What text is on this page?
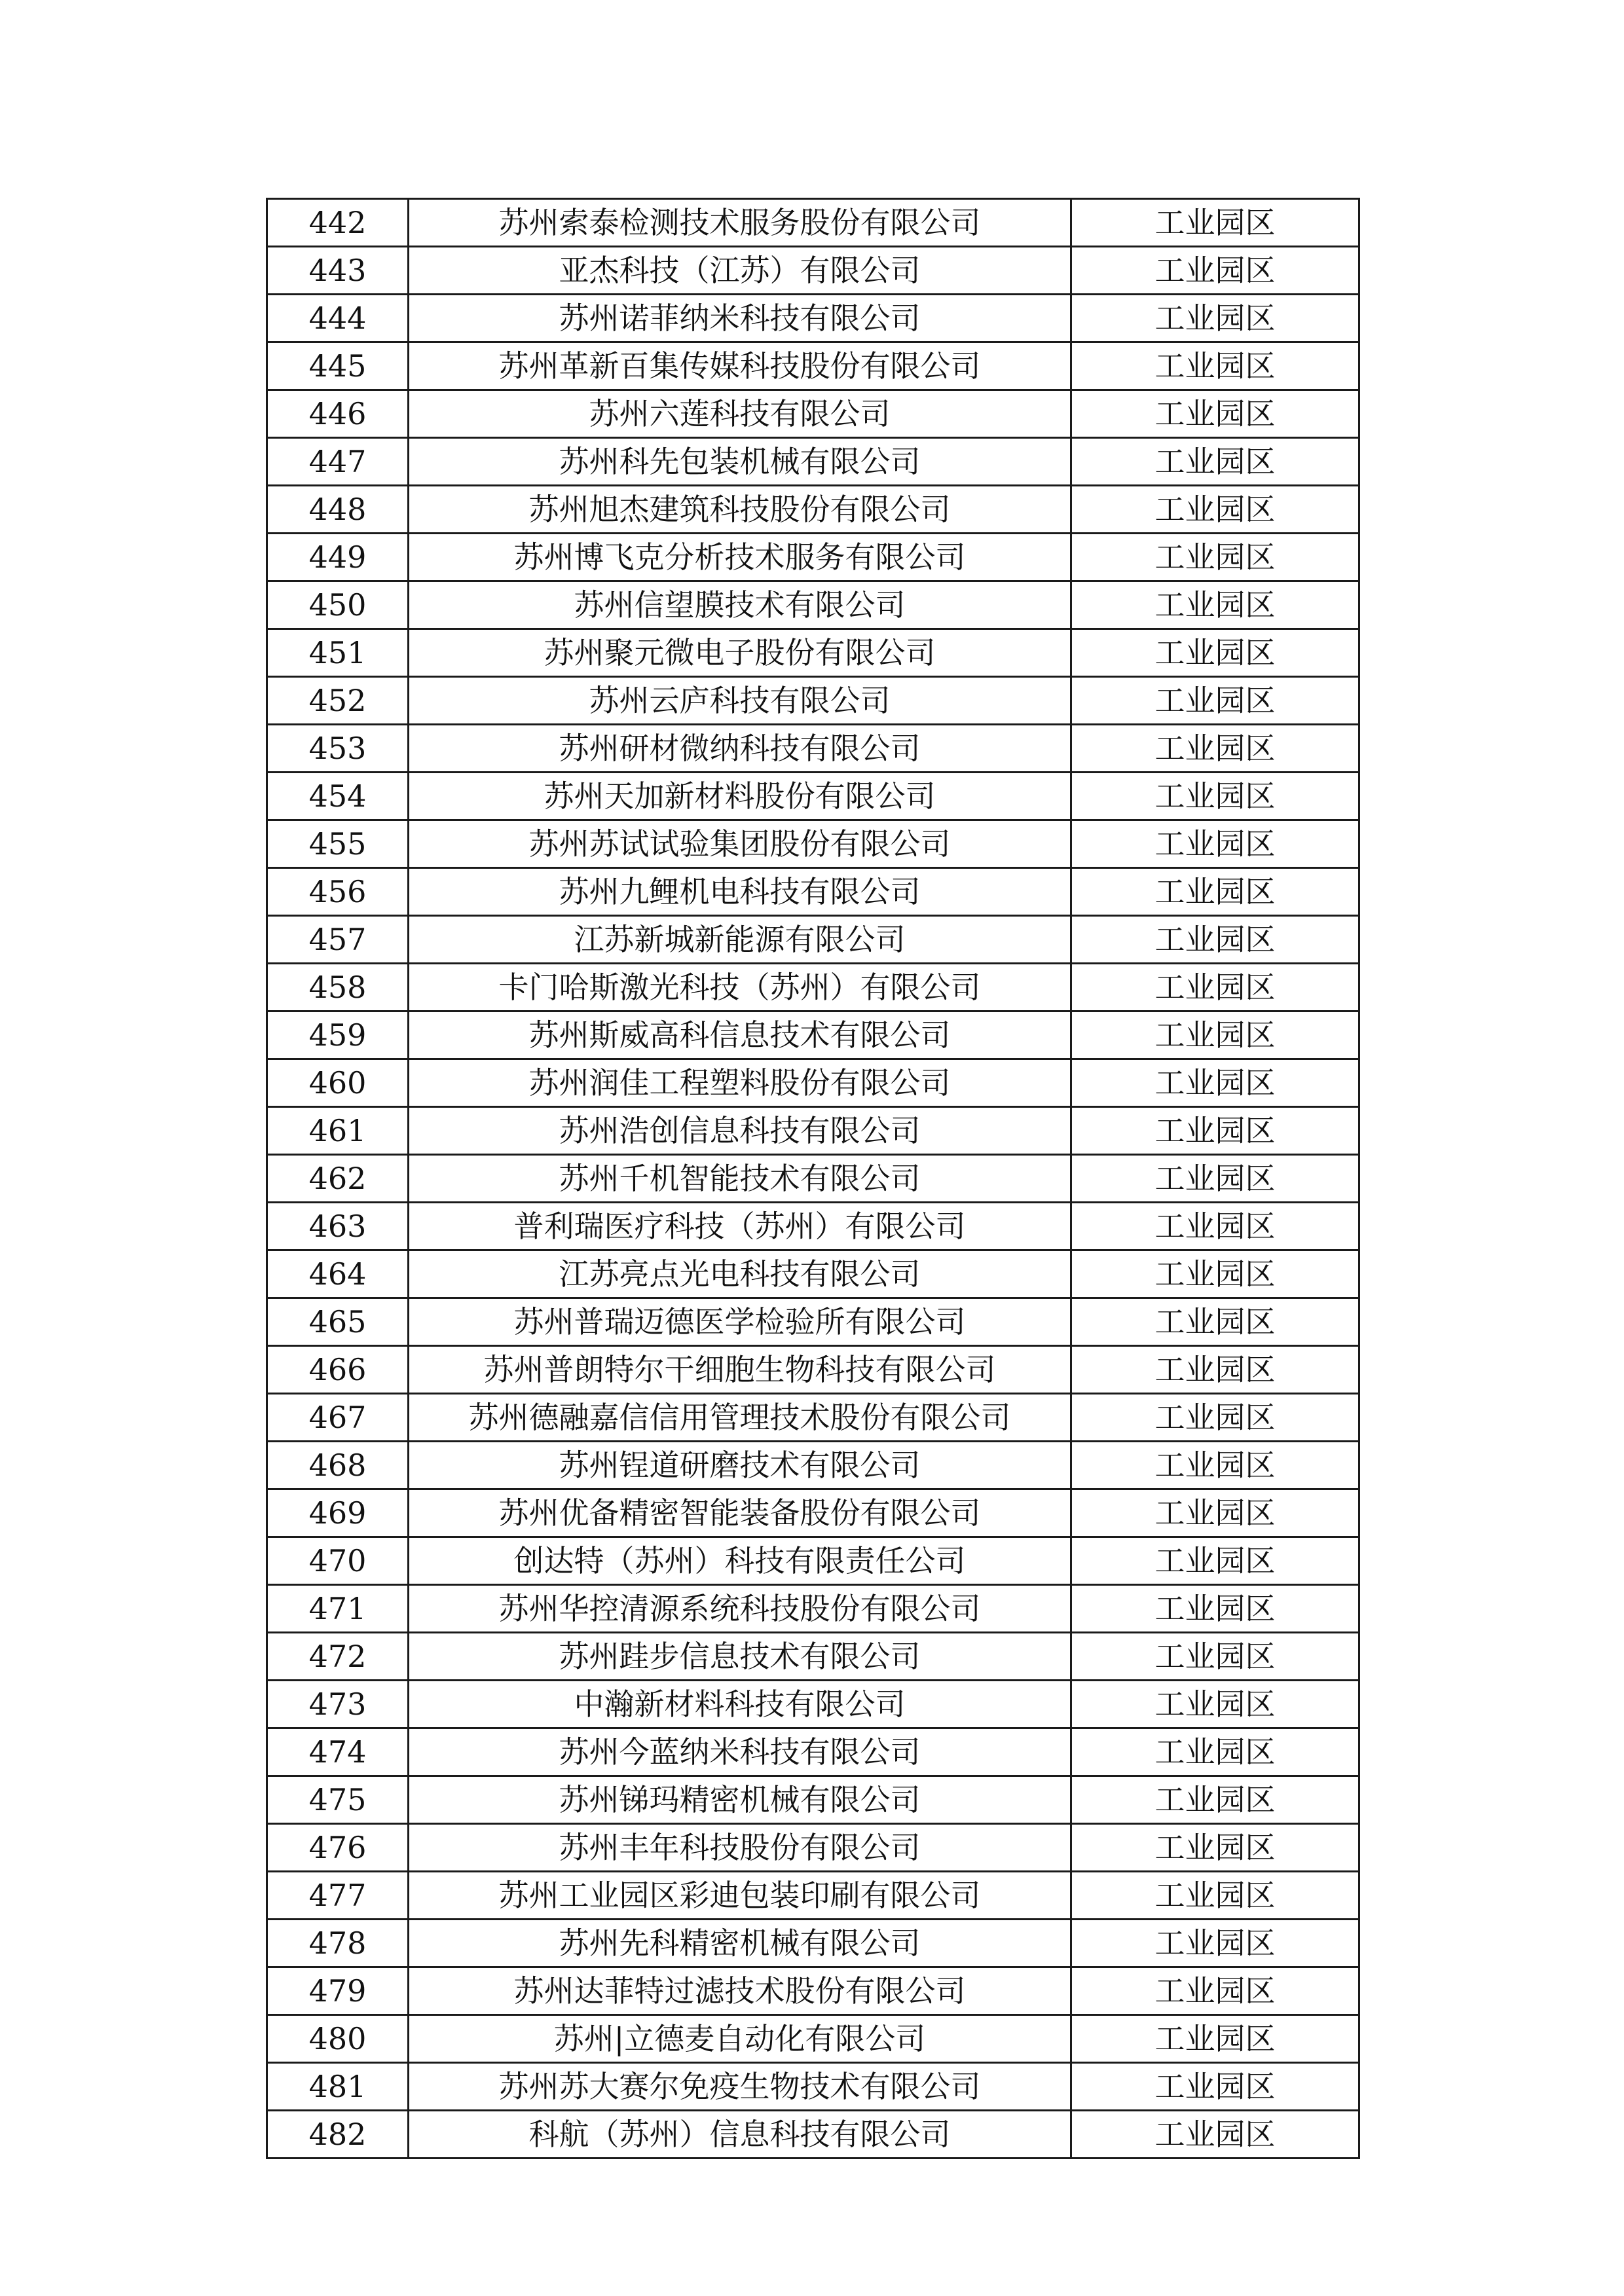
442	苏州索泰检测技术服务股份有限公司	工业园区
443	亚杰科技（江苏）有限公司	工业园区
444	苏州诺菲纳米科技有限公司	工业园区
445	苏州革新百集传媒科技股份有限公司	工业园区
446	苏州六莲科技有限公司	工业园区
447	苏州科先包装机械有限公司	工业园区
448	苏州旭杰建筑科技股份有限公司	工业园区
449	苏州博飞克分析技术服务有限公司	工业园区
450	苏州信望膜技术有限公司	工业园区
451	苏州聚元微电子股份有限公司	工业园区
452	苏州云庐科技有限公司	工业园区
453	苏州研材微纳科技有限公司	工业园区
454	苏州天加新材料股份有限公司	工业园区
455	苏州苏试试验集团股份有限公司	工业园区
456	苏州九鲤机电科技有限公司	工业园区
457	江苏新城新能源有限公司	工业园区
458	卡门哈斯激光科技（苏州）有限公司	工业园区
459	苏州斯威高科信息技术有限公司	工业园区
460	苏州润佳工程塑料股份有限公司	工业园区
461	苏州浩创信息科技有限公司	工业园区
462	苏州千机智能技术有限公司	工业园区
463	普利瑞医疗科技（苏州）有限公司	工业园区
464	江苏亮点光电科技有限公司	工业园区
465	苏州普瑞迈德医学检验所有限公司	工业园区
466	苏州普朗特尔干细胞生物科技有限公司	工业园区
467	苏州德融嘉信信用管理技术股份有限公司	工业园区
468	苏州锃道研磨技术有限公司	工业园区
469	苏州优备精密智能装备股份有限公司	工业园区
470	创达特（苏州）科技有限责任公司	工业园区
471	苏州华控清源系统科技股份有限公司	工业园区
472	苏州跬步信息技术有限公司	工业园区
473	中瀚新材料科技有限公司	工业园区
474	苏州今蓝纳米科技有限公司	工业园区
475	苏州锑玛精密机械有限公司	工业园区
476	苏州丰年科技股份有限公司	工业园区
477	苏州工业园区彩迪包装印刷有限公司	工业园区
478	苏州先科精密机械有限公司	工业园区
479	苏州达菲特过滤技术股份有限公司	工业园区
480	苏州|立德麦自动化有限公司	工业园区
481	苏州苏大赛尔免疫生物技术有限公司	工业园区
482	科航（苏州）信息科技有限公司	工业园区
